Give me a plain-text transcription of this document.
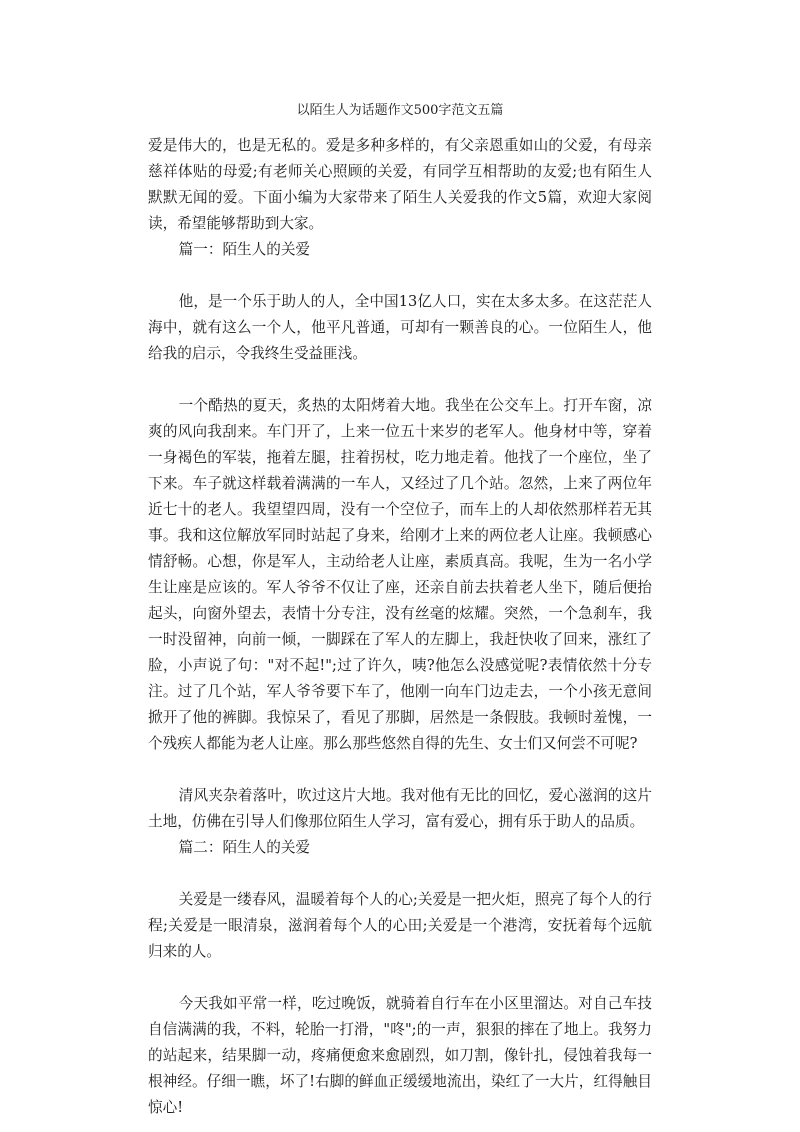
以陌生人为话题作文500字范文五篇

爱是伟大的，也是无私的。爱是多种多样的，有父亲恩重如山的父爱，有母亲慈祥体贴的母爱;有老师关心照顾的关爱，有同学互相帮助的友爱;也有陌生人默默无闻的爱。下面小编为大家带来了陌生人关爱我的作文5篇，欢迎大家阅读，希望能够帮助到大家。

篇一：陌生人的关爱

他，是一个乐于助人的人，全中国13亿人口，实在太多太多。在这茫茫人海中，就有这么一个人，他平凡普通，可却有一颗善良的心。一位陌生人，他给我的启示，令我终生受益匪浅。

一个酷热的夏天，炙热的太阳烤着大地。我坐在公交车上。打开车窗，凉爽的风向我刮来。车门开了，上来一位五十来岁的老军人。他身材中等，穿着一身褐色的军装，拖着左腿，拄着拐杖，吃力地走着。他找了一个座位，坐了下来。车子就这样载着满满的一车人，又经过了几个站。忽然，上来了两位年近七十的老人。我望望四周，没有一个空位子，而车上的人却依然那样若无其事。我和这位解放军同时站起了身来，给刚才上来的两位老人让座。我顿感心情舒畅。心想，你是军人，主动给老人让座，素质真高。我呢，生为一名小学生让座是应该的。军人爷爷不仅让了座，还亲自前去扶着老人坐下，随后便抬起头，向窗外望去，表情十分专注，没有丝毫的炫耀。突然，一个急刹车，我一时没留神，向前一倾，一脚踩在了军人的左脚上，我赶快收了回来，涨红了脸，小声说了句："对不起!";过了许久，咦?他怎么没感觉呢?表情依然十分专注。过了几个站，军人爷爷要下车了，他刚一向车门边走去，一个小孩无意间掀开了他的裤脚。我惊呆了，看见了那脚，居然是一条假肢。我顿时羞愧，一个残疾人都能为老人让座。那么那些悠然自得的先生、女士们又何尝不可呢?

清风夹杂着落叶，吹过这片大地。我对他有无比的回忆，爱心滋润的这片土地，仿佛在引导人们像那位陌生人学习，富有爱心，拥有乐于助人的品质。

篇二：陌生人的关爱

关爱是一缕春风，温暖着每个人的心;关爱是一把火炬，照亮了每个人的行程;关爱是一眼清泉，滋润着每个人的心田;关爱是一个港湾，安抚着每个远航归来的人。

今天我如平常一样，吃过晚饭，就骑着自行车在小区里溜达。对自己车技自信满满的我，不料，轮胎一打滑，"咚";的一声，狠狠的摔在了地上。我努力的站起来，结果脚一动，疼痛便愈来愈剧烈，如刀割，像针扎，侵蚀着我每一根神经。仔细一瞧，坏了!右脚的鲜血正缓缓地流出，染红了一大片，红得触目惊心!
